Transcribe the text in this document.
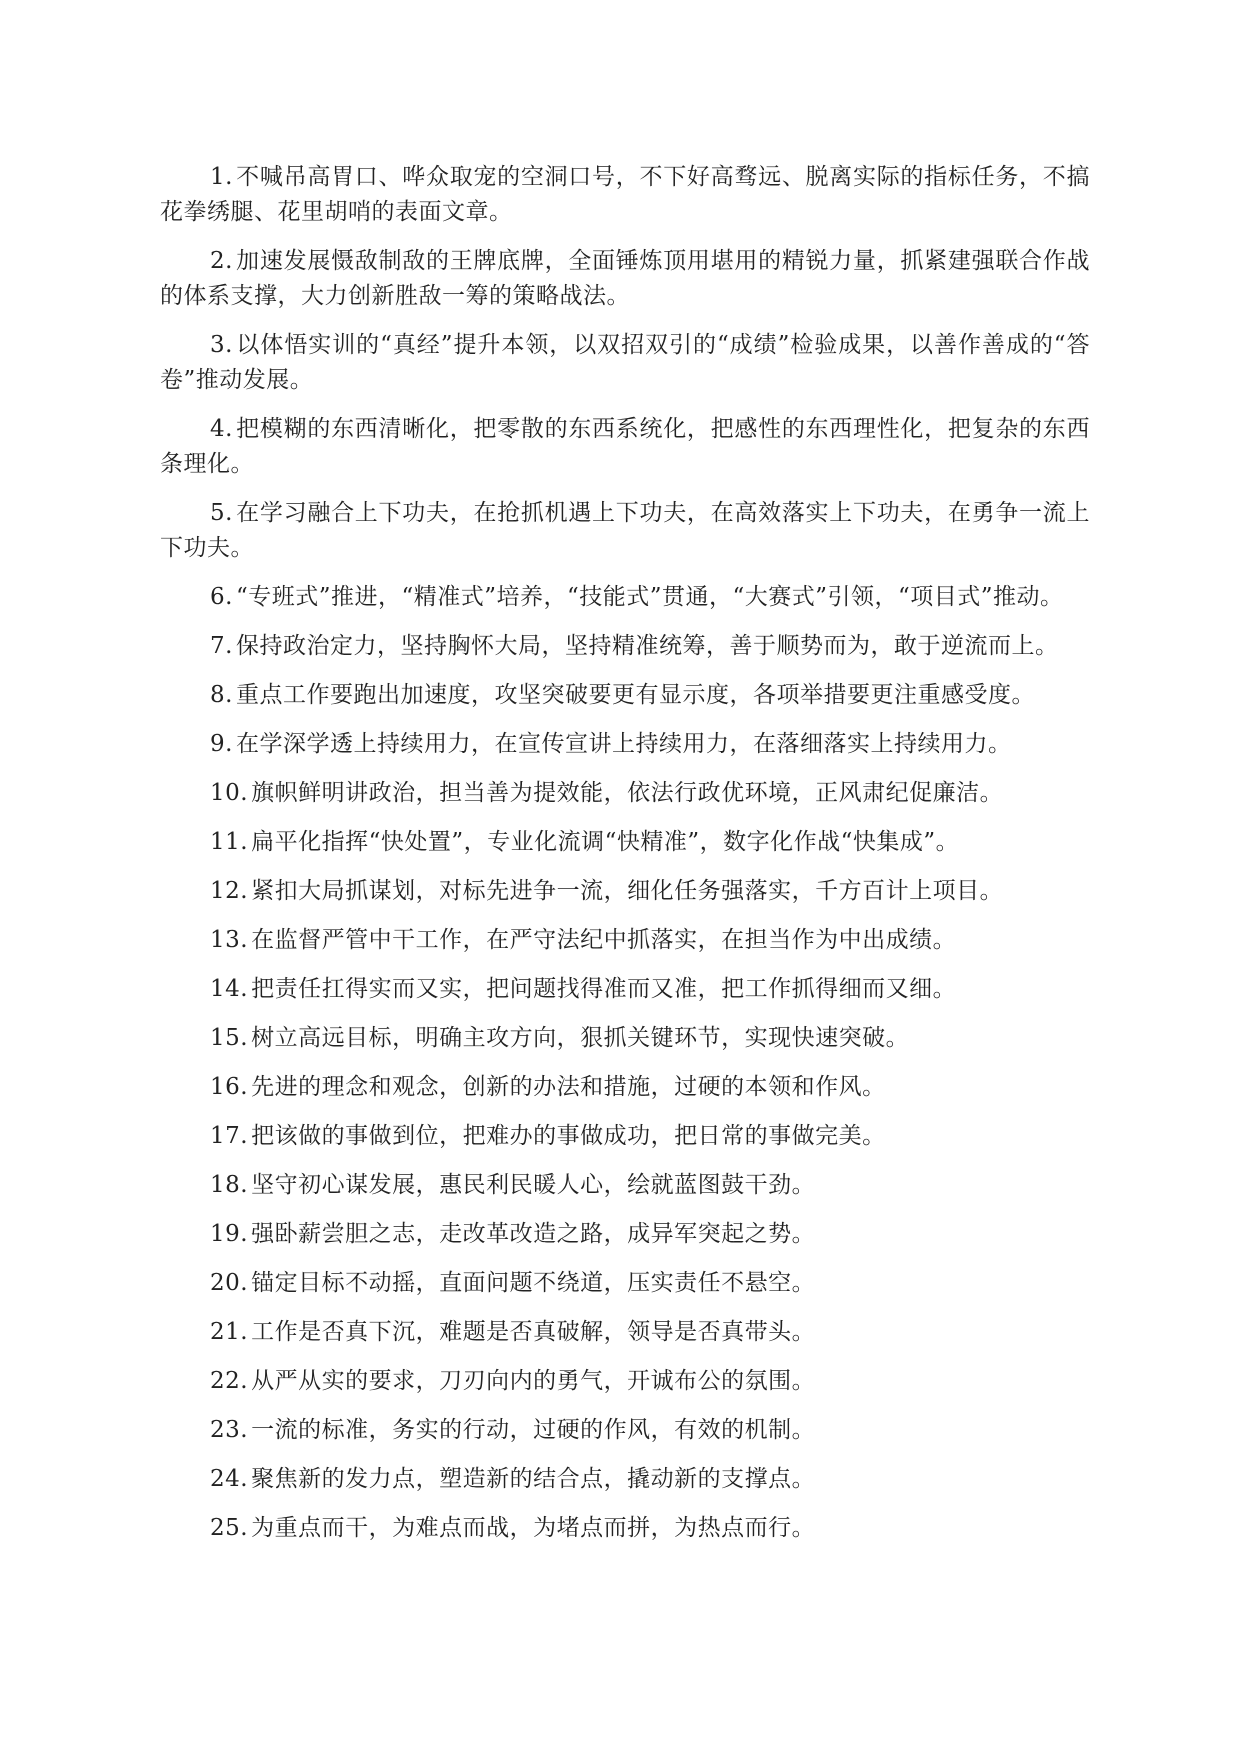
1. 不喊吊高胃口、哗众取宠的空洞口号，不下好高骛远、脱离实际的指标任务，不搞花拳绣腿、花里胡哨的表面文章。

2. 加速发展慑敌制敌的王牌底牌，全面锤炼顶用堪用的精锐力量，抓紧建强联合作战的体系支撑，大力创新胜敌一筹的策略战法。

3. 以体悟实训的“真经”提升本领，以双招双引的“成绩”检验成果，以善作善成的“答卷”推动发展。

4. 把模糊的东西清晰化，把零散的东西系统化，把感性的东西理性化，把复杂的东西条理化。

5. 在学习融合上下功夫，在抢抓机遇上下功夫，在高效落实上下功夫，在勇争一流上下功夫。

6. “专班式”推进，“精准式”培养，“技能式”贯通，“大赛式”引领，“项目式”推动。

7. 保持政治定力，坚持胸怀大局，坚持精准统筹，善于顺势而为，敢于逆流而上。

8. 重点工作要跑出加速度，攻坚突破要更有显示度，各项举措要更注重感受度。

9. 在学深学透上持续用力，在宣传宣讲上持续用力，在落细落实上持续用力。

10. 旗帜鲜明讲政治，担当善为提效能，依法行政优环境，正风肃纪促廉洁。

11. 扁平化指挥“快处置”，专业化流调“快精准”，数字化作战“快集成”。

12. 紧扣大局抓谋划，对标先进争一流，细化任务强落实，千方百计上项目。

13. 在监督严管中干工作，在严守法纪中抓落实，在担当作为中出成绩。

14. 把责任扛得实而又实，把问题找得准而又准，把工作抓得细而又细。

15. 树立高远目标，明确主攻方向，狠抓关键环节，实现快速突破。

16. 先进的理念和观念，创新的办法和措施，过硬的本领和作风。

17. 把该做的事做到位，把难办的事做成功，把日常的事做完美。

18. 坚守初心谋发展，惠民利民暖人心，绘就蓝图鼓干劲。

19. 强卧薪尝胆之志，走改革改造之路，成异军突起之势。

20. 锚定目标不动摇，直面问题不绕道，压实责任不悬空。

21. 工作是否真下沉，难题是否真破解，领导是否真带头。

22. 从严从实的要求，刀刃向内的勇气，开诚布公的氛围。

23. 一流的标准，务实的行动，过硬的作风，有效的机制。

24. 聚焦新的发力点，塑造新的结合点，撬动新的支撑点。

25. 为重点而干，为难点而战，为堵点而拼，为热点而行。
